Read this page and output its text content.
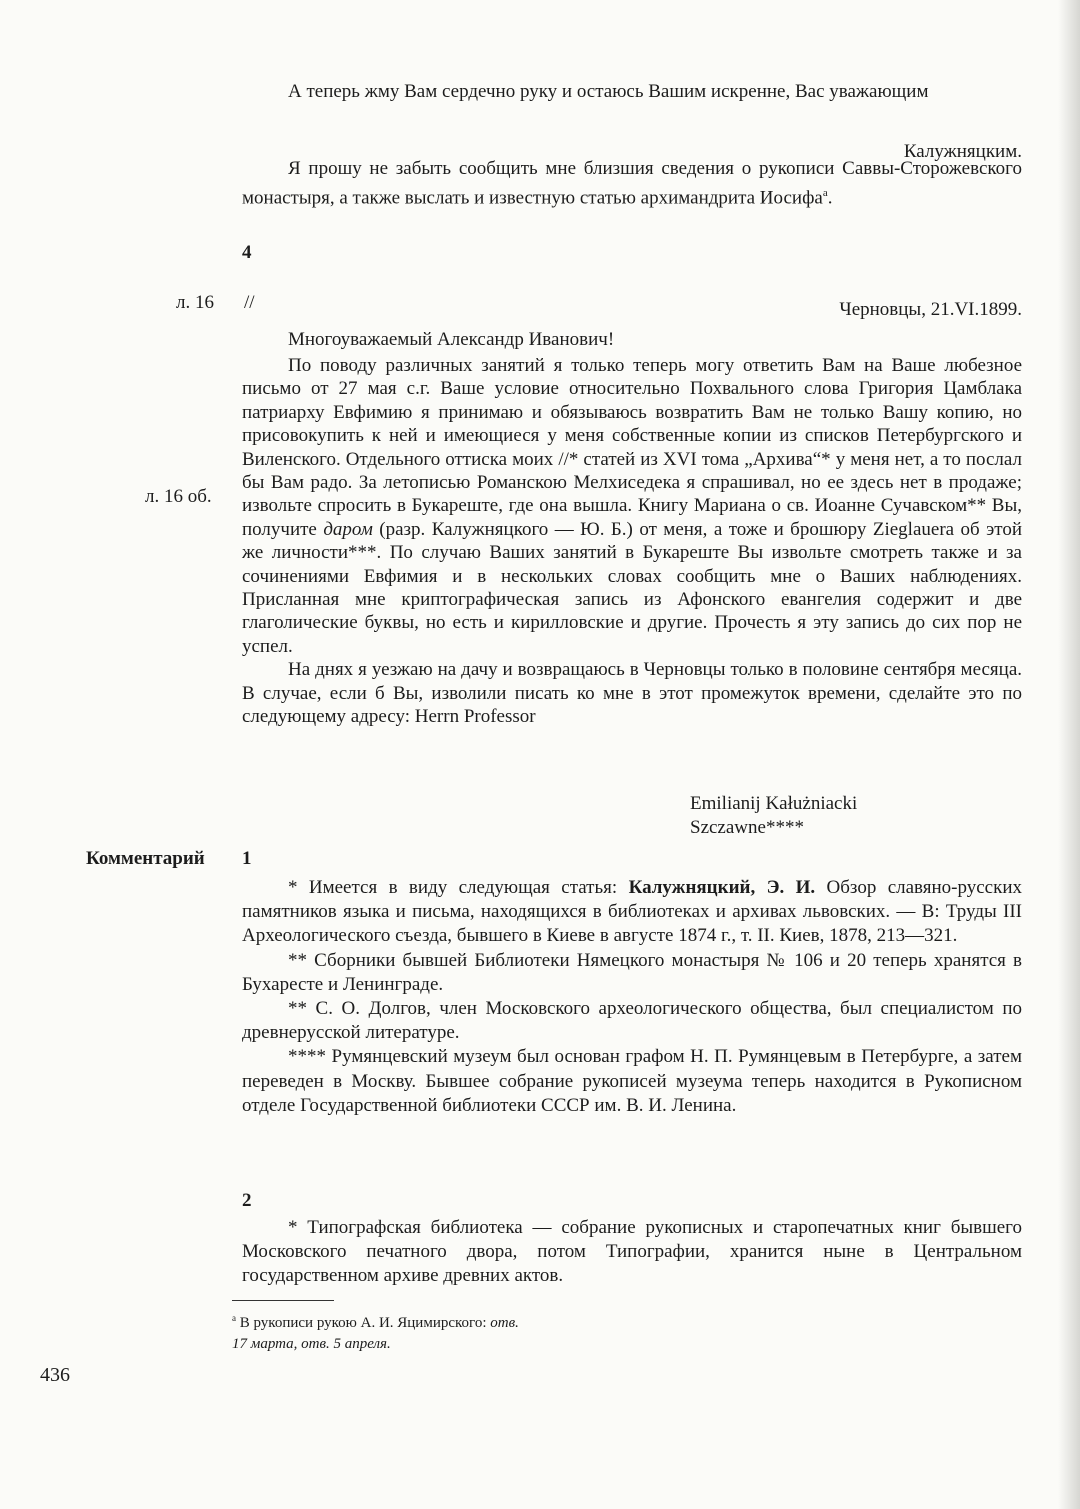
А теперь жму Вам сердечно руку и остаюсь Вашим искренне, Вас уважающим

Калужняцким.

Я прошу не забыть сообщить мне близшия сведения о рукописи Саввы-Сторожевского монастыря, а также выслать и известную статью архимандрита Иосифа$^а$.

4
л. 16 //	Черновцы, 21.VI.1899.

Многоуважаемый Александр Иванович!

По поводу различных занятий я только теперь могу ответить Вам на Ваше любезное письмо от 27 мая с.г. Ваше условие относительно Похвального слова Григория Цамблака патриарху Евфимию я принимаю и обязываюсь возвратить Вам не только Вашу копию, но присовокупить к ней и имеющиеся у меня собственные копии из списков Петербургского и Виленского. Отдельного оттиска моих //* статей из XVI тома „Архива“* у меня нет, а то послал бы Вам радо. За летописью Романскою Мелхиседека я спрашивал, но ее здесь нет в продаже; извольте спросить в Букареште, где она вышла. Книгу Мариана о св. Иоанне Сучавском** Вы, получите даром (разр. Калужняцкого — Ю. Б.) от меня, а тоже и брошюру Zieglauera об этой же личности***. По случаю Ваших занятий в Букареште Вы извольте смотреть также и за сочинениями Евфимия и в нескольких словах сообщить мне о Ваших наблюдениях. Присланная мне криптографическая запись из Афонского евангелия содержит и две глаголические буквы, но есть и кирилловские и другие. Прочесть я эту запись до сих пор не успел.

На днях я уезжаю на дачу и возвращаюсь в Черновцы только в половине сентября месяца. В случае, если б Вы, изволили писать ко мне в этот промежуток времени, сделайте это по следующему адресу: Herrn Professor

л. 16 об.
Emilianij Kałużniacki
Szczawne****
Комментарий 1

* Имеется в виду следующая статья: Калужняцкий, Э. И. Обзор славяно-русских памятников языка и письма, находящихся в библиотеках и архивах львовских. — В: Труды III Археологического съезда, бывшего в Киеве в августе 1874 г., т. II. Киев, 1878, 213—321.

** Сборники бывшей Библиотеки Нямецкого монастыря № 106 и 20 теперь хранятся в Бухаресте и Ленинграде.

** С. О. Долгов, член Московского археологического общества, был специалистом по древнерусской литературе.

**** Румянцевский музеум был основан графом Н. П. Румянцевым в Петербурге, а затем переведен в Москву. Бывшее собрание рукописей музеума теперь находится в Рукописном отделе Государственной библиотеки СССР им. В. И. Ленина.

2

* Типографская библиотека — собрание рукописных и старопечатных книг бывшего Московского печатного двора, потом Типографии, хранится ныне в Центральном государственном архиве древних актов.

$^а$ В рукописи рукою А. И. Яцимирского: отв.
17 марта, отв. 5 апреля.
436
